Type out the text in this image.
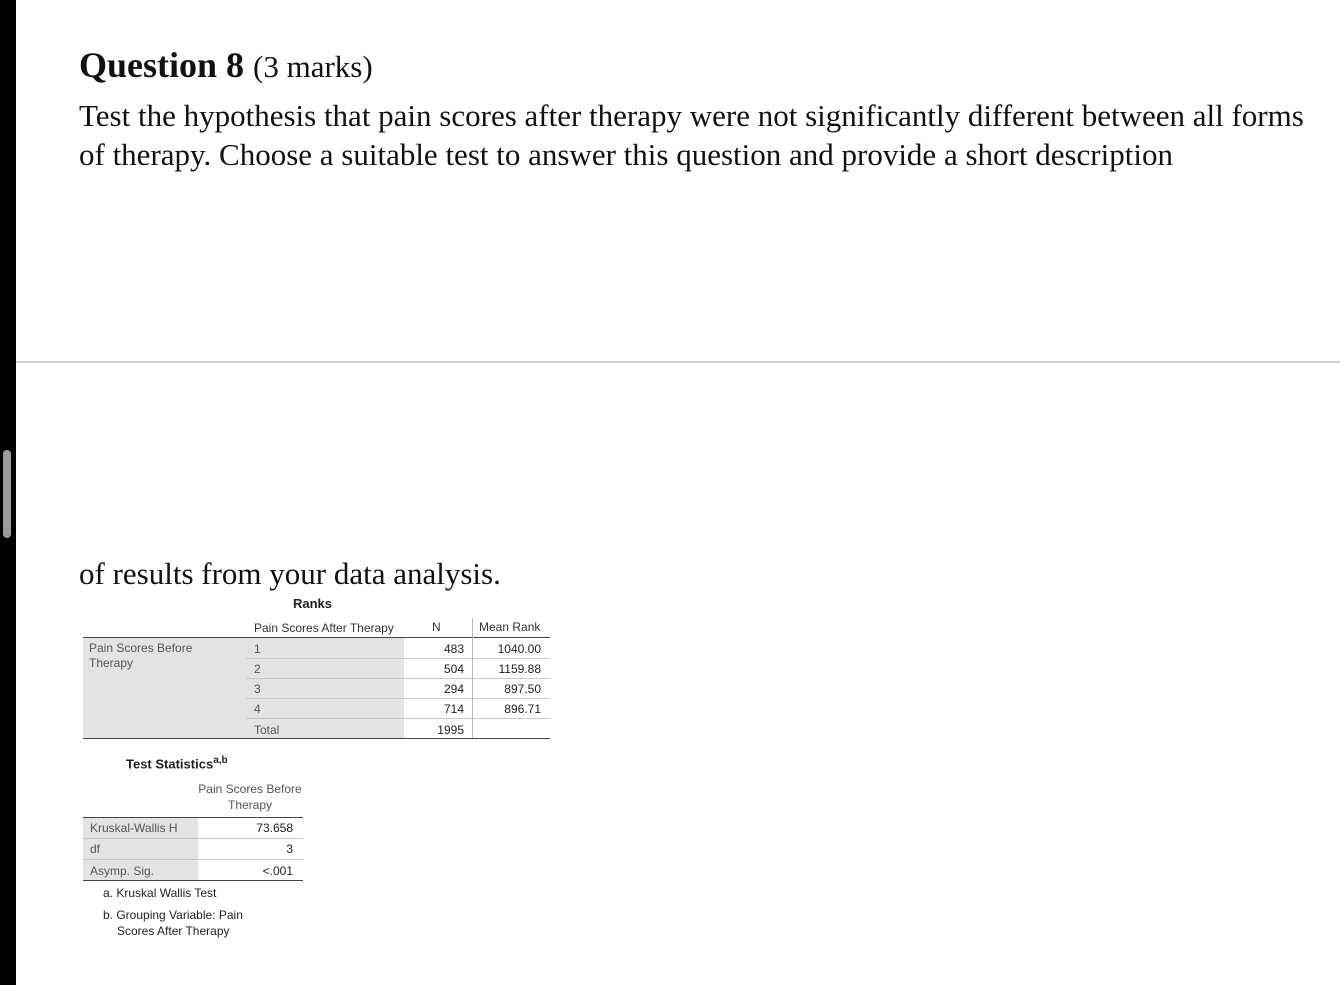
Question 8 (3 marks)
Test the hypothesis that pain scores after therapy were not significantly different between all forms of therapy. Choose a suitable test to answer this question and provide a short description
of results from your data analysis.
Ranks
Pain Scores After Therapy	N	Mean Rank
Pain Scores Before Therapy
1	483	1040.00
2	504	1159.88
3	294	897.50
4	714	896.71
Total	1995
Test Statistics$^{a,b}$
Pain Scores Before Therapy
Kruskal-Wallis H	73.658
df	3
Asymp. Sig.	<.001
a. Kruskal Wallis Test
b. Grouping Variable: Pain Scores After Therapy
